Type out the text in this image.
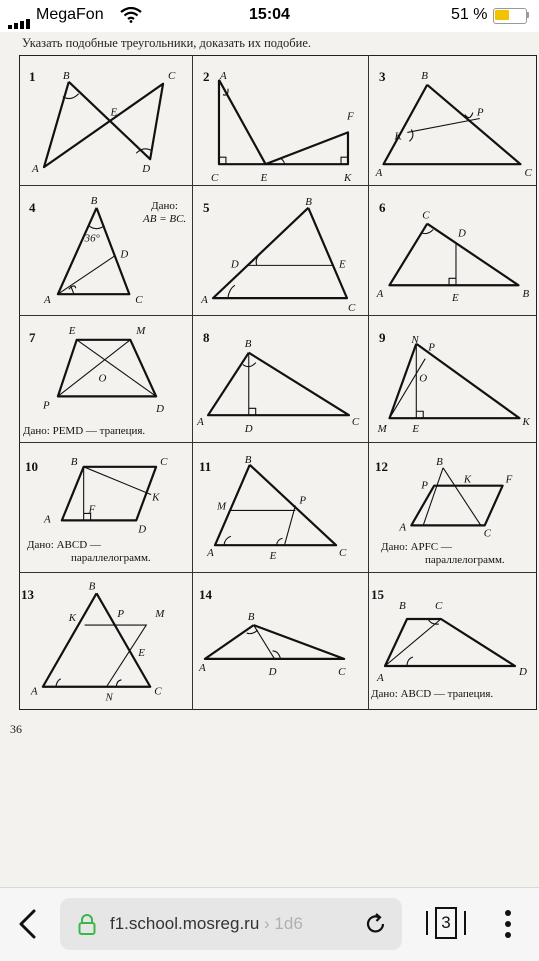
MegaFon	15:04	51 %
Указать подобные треугольники, доказать их подобие.
1 B	C
E
A	D
2 A
F
C	E	K
3	B
P
K
A	C
4	Дано:
AB = BC.
B
36°
D
A	C
5	B
D	E
A
C
6
C
D
A	E	B
7
Дано: PEMD — трапеция.
E	M
O
P	D
8	B
A
D
C
9 N
P
O
M E
K
10
Дано: ABCD —
параллелограмм.
B	C
K
A
F
D
11	B
M	P
A	E	C
12
Дано: APFC —
параллелограмм.
B
P	K	F
A	C
13
B
K	P	M
E
A	N	C
14
B
A	D	C
15
Дано: ABCD — трапеция.
B	C
A	D
36
f1.school.mosreg.ru › 1d6	3
